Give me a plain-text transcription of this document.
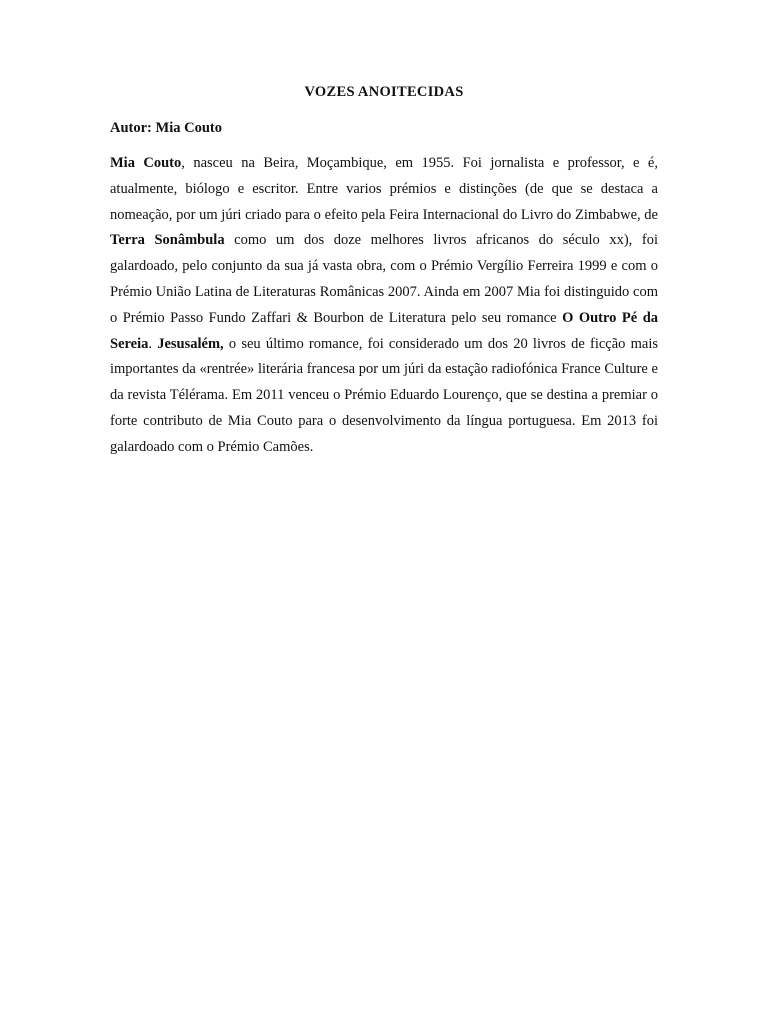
VOZES ANOITECIDAS
Autor: Mia Couto

Mia Couto, nasceu na Beira, Moçambique, em 1955. Foi jornalista e professor, e é, atualmente, biólogo e escritor. Entre varios prémios e distinções (de que se destaca a nomeação, por um júri criado para o efeito pela Feira Internacional do Livro do Zimbabwe, de Terra Sonâmbula como um dos doze melhores livros africanos do século xx), foi galardoado, pelo conjunto da sua já vasta obra, com o Prémio Vergílio Ferreira 1999 e com o Prémio União Latina de Literaturas Românicas 2007. Ainda em 2007 Mia foi distinguido com o Prémio Passo Fundo Zaffari & Bourbon de Literatura pelo seu romance O Outro Pé da Sereia. Jesusalém, o seu último romance, foi considerado um dos 20 livros de ficção mais importantes da «rentrée» literária francesa por um júri da estação radiofónica France Culture e da revista Télérama. Em 2011 venceu o Prémio Eduardo Lourenço, que se destina a premiar o forte contributo de Mia Couto para o desenvolvimento da língua portuguesa. Em 2013 foi galardoado com o Prémio Camões.
